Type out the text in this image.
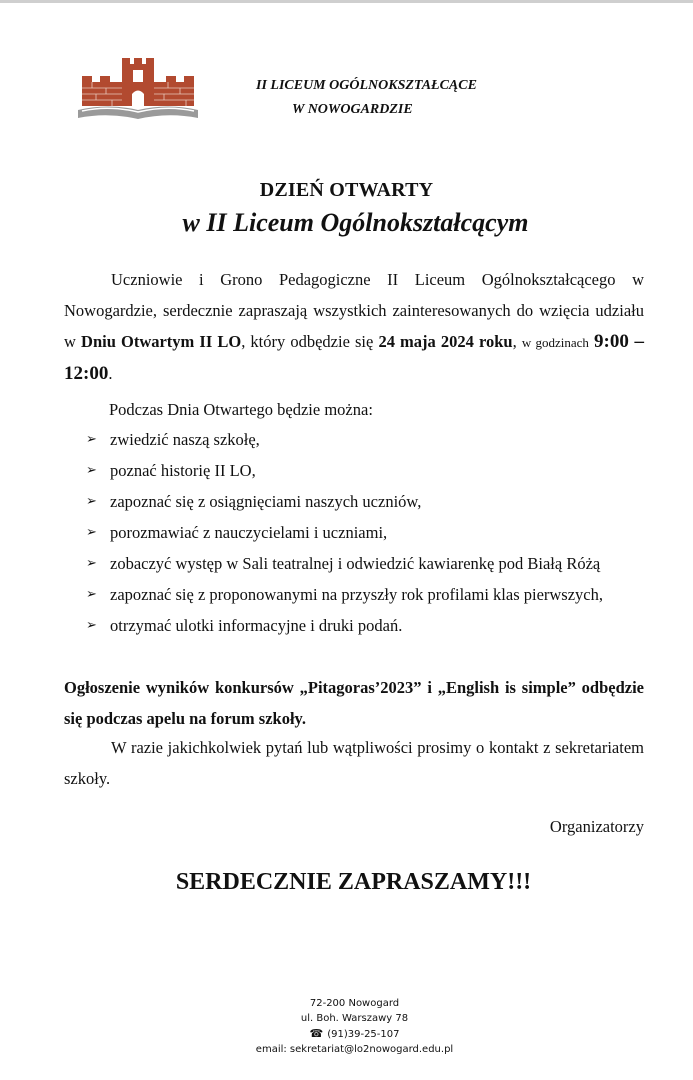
II LICEUM OGÓLNOKSZTAŁCĄCE
W NOWOGARDZIE
DZIEŃ OTWARTY
w II Liceum Ogólnokształcącym
Uczniowie i Grono Pedagogiczne II Liceum Ogólnokształcącego w Nowogardzie, serdecznie zapraszają wszystkich zainteresowanych do wzięcia udziału w Dniu Otwartym II LO, który odbędzie się 24 maja 2024 roku, w godzinach 9:00 – 12:00.
Podczas Dnia Otwartego będzie można:
➢ zwiedzić naszą szkołę,
➢ poznać historię II LO,
➢ zapoznać się z osiągnięciami naszych uczniów,
➢ porozmawiać z nauczycielami i uczniami,
➢ zobaczyć występ w Sali teatralnej i odwiedzić kawiarenkę pod Białą Różą
➢ zapoznać się z proponowanymi na przyszły rok profilami klas pierwszych,
➢ otrzymać ulotki informacyjne i druki podań.
Ogłoszenie wyników konkursów „Pitagoras’2023” i „English is simple” odbędzie się podczas apelu na forum szkoły.
W razie jakichkolwiek pytań lub wątpliwości prosimy o kontakt z sekretariatem szkoły.
Organizatorzy
SERDECZNIE ZAPRASZAMY!!!
72-200 Nowogard
ul. Boh. Warszawy 78
☎ (91)39-25-107
email: sekretariat@lo2nowogard.edu.pl
